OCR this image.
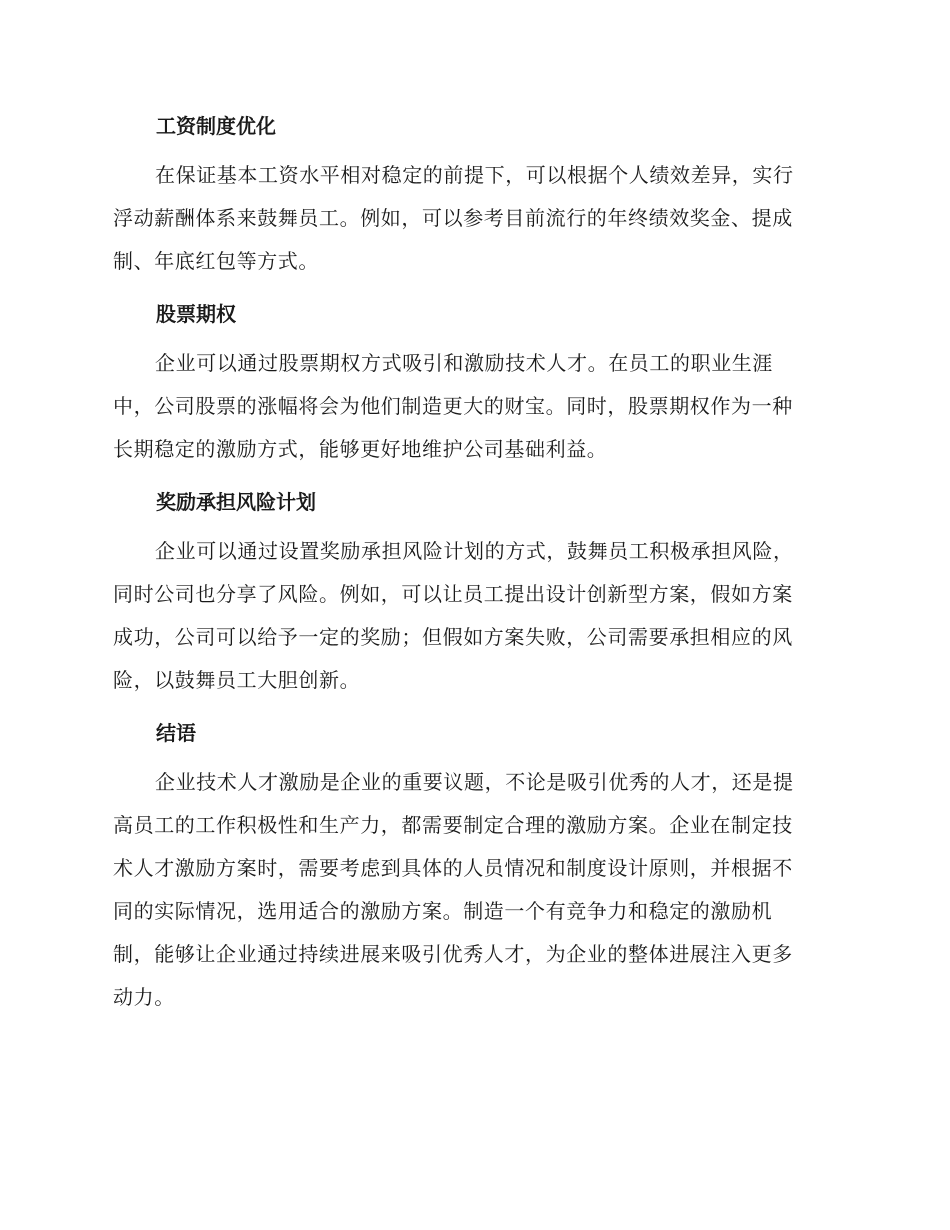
工资制度优化
在保证基本工资水平相对稳定的前提下，可以根据个人绩效差异，实行
浮动薪酬体系来鼓舞员工。例如，可以参考目前流行的年终绩效奖金、提成
制、年底红包等方式。
股票期权
企业可以通过股票期权方式吸引和激励技术人才。在员工的职业生涯
中，公司股票的涨幅将会为他们制造更大的财宝。同时，股票期权作为一种
长期稳定的激励方式，能够更好地维护公司基础利益。
奖励承担风险计划
企业可以通过设置奖励承担风险计划的方式，鼓舞员工积极承担风险，
同时公司也分享了风险。例如，可以让员工提出设计创新型方案，假如方案
成功，公司可以给予一定的奖励；但假如方案失败，公司需要承担相应的风
险，以鼓舞员工大胆创新。
结语
企业技术人才激励是企业的重要议题，不论是吸引优秀的人才，还是提
高员工的工作积极性和生产力，都需要制定合理的激励方案。企业在制定技
术人才激励方案时，需要考虑到具体的人员情况和制度设计原则，并根据不
同的实际情况，选用适合的激励方案。制造一个有竞争力和稳定的激励机
制，能够让企业通过持续进展来吸引优秀人才，为企业的整体进展注入更多
动力。
